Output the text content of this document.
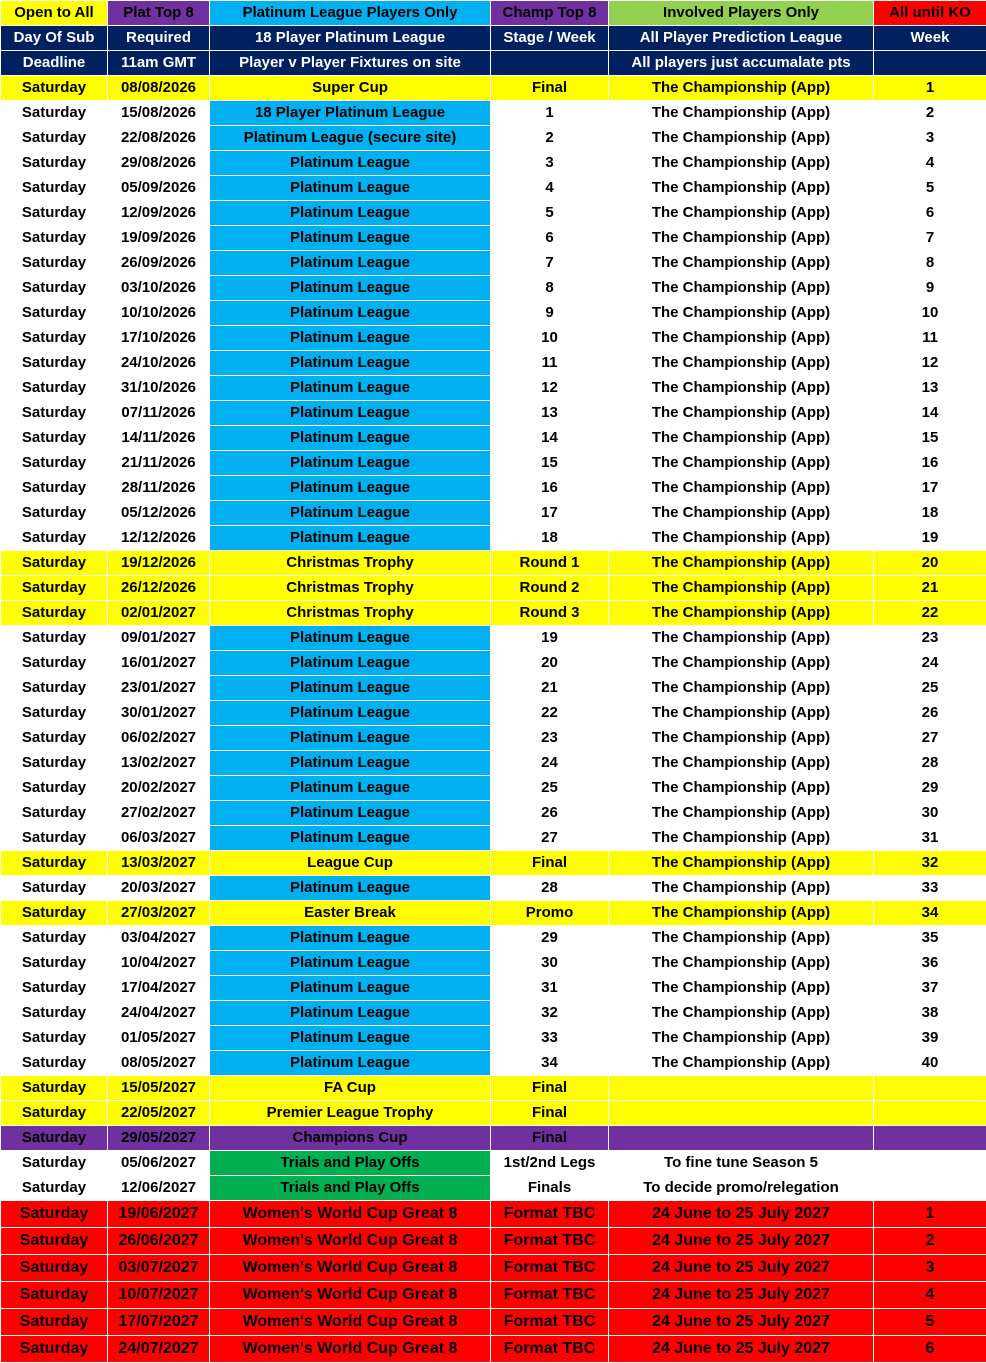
Open to All	Plat Top 8	Platinum League Players Only	Champ Top 8	Involved Players Only	All until KO
Day Of Sub	Required	18 Player Platinum League	Stage / Week	All Player Prediction League	Week
Deadline	11am GMT	Player v Player Fixtures on site		All players just accumalate pts	
Saturday	08/08/2026	Super Cup	Final	The Championship (App)	1
Saturday	15/08/2026	18 Player Platinum League	1	The Championship (App)	2
Saturday	22/08/2026	Platinum League (secure site)	2	The Championship (App)	3
Saturday	29/08/2026	Platinum League	3	The Championship (App)	4
Saturday	05/09/2026	Platinum League	4	The Championship (App)	5
Saturday	12/09/2026	Platinum League	5	The Championship (App)	6
Saturday	19/09/2026	Platinum League	6	The Championship (App)	7
Saturday	26/09/2026	Platinum League	7	The Championship (App)	8
Saturday	03/10/2026	Platinum League	8	The Championship (App)	9
Saturday	10/10/2026	Platinum League	9	The Championship (App)	10
Saturday	17/10/2026	Platinum League	10	The Championship (App)	11
Saturday	24/10/2026	Platinum League	11	The Championship (App)	12
Saturday	31/10/2026	Platinum League	12	The Championship (App)	13
Saturday	07/11/2026	Platinum League	13	The Championship (App)	14
Saturday	14/11/2026	Platinum League	14	The Championship (App)	15
Saturday	21/11/2026	Platinum League	15	The Championship (App)	16
Saturday	28/11/2026	Platinum League	16	The Championship (App)	17
Saturday	05/12/2026	Platinum League	17	The Championship (App)	18
Saturday	12/12/2026	Platinum League	18	The Championship (App)	19
Saturday	19/12/2026	Christmas Trophy	Round 1	The Championship (App)	20
Saturday	26/12/2026	Christmas Trophy	Round 2	The Championship (App)	21
Saturday	02/01/2027	Christmas Trophy	Round 3	The Championship (App)	22
Saturday	09/01/2027	Platinum League	19	The Championship (App)	23
Saturday	16/01/2027	Platinum League	20	The Championship (App)	24
Saturday	23/01/2027	Platinum League	21	The Championship (App)	25
Saturday	30/01/2027	Platinum League	22	The Championship (App)	26
Saturday	06/02/2027	Platinum League	23	The Championship (App)	27
Saturday	13/02/2027	Platinum League	24	The Championship (App)	28
Saturday	20/02/2027	Platinum League	25	The Championship (App)	29
Saturday	27/02/2027	Platinum League	26	The Championship (App)	30
Saturday	06/03/2027	Platinum League	27	The Championship (App)	31
Saturday	13/03/2027	League Cup	Final	The Championship (App)	32
Saturday	20/03/2027	Platinum League	28	The Championship (App)	33
Saturday	27/03/2027	Easter Break	Promo	The Championship (App)	34
Saturday	03/04/2027	Platinum League	29	The Championship (App)	35
Saturday	10/04/2027	Platinum League	30	The Championship (App)	36
Saturday	17/04/2027	Platinum League	31	The Championship (App)	37
Saturday	24/04/2027	Platinum League	32	The Championship (App)	38
Saturday	01/05/2027	Platinum League	33	The Championship (App)	39
Saturday	08/05/2027	Platinum League	34	The Championship (App)	40
Saturday	15/05/2027	FA Cup	Final		
Saturday	22/05/2027	Premier League Trophy	Final		
Saturday	29/05/2027	Champions Cup	Final		
Saturday	05/06/2027	Trials and Play Offs	1st/2nd Legs	To fine tune Season 5	
Saturday	12/06/2027	Trials and Play Offs	Finals	To decide promo/relegation	
Saturday	19/06/2027	Women's World Cup Great 8	Format TBC	24 June to 25 July 2027	1
Saturday	26/06/2027	Women's World Cup Great 8	Format TBC	24 June to 25 July 2027	2
Saturday	03/07/2027	Women's World Cup Great 8	Format TBC	24 June to 25 July 2027	3
Saturday	10/07/2027	Women's World Cup Great 8	Format TBC	24 June to 25 July 2027	4
Saturday	17/07/2027	Women's World Cup Great 8	Format TBC	24 June to 25 July 2027	5
Saturday	24/07/2027	Women's World Cup Great 8	Format TBC	24 June to 25 July 2027	6
